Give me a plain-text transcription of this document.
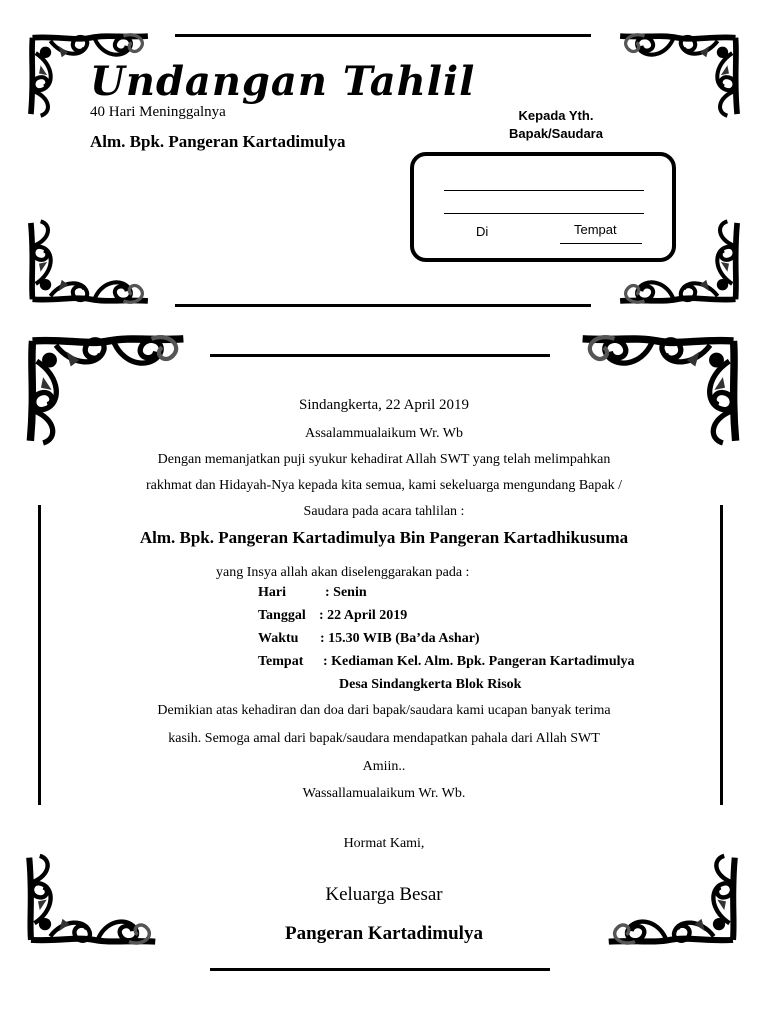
Undangan Tahlil
40 Hari Meninggalnya
Alm. Bpk. Pangeran Kartadimulya
Kepada Yth.
Bapak/Saudara
Di	Tempat
Sindangkerta, 22 April 2019
Assalammualaikum Wr. Wb
Dengan memanjatkan puji syukur kehadirat Allah SWT yang telah melimpahkan
rakhmat dan Hidayah-Nya kepada kita semua, kami sekeluarga mengundang Bapak /
Saudara pada acara tahlilan :
Alm. Bpk. Pangeran Kartadimulya Bin Pangeran Kartadhikusuma
yang Insya allah akan diselenggarakan pada :
Hari	: Senin
Tanggal : 22 April 2019
Waktu : 15.30 WIB (Ba’da Ashar)
Tempat : Kediaman Kel. Alm. Bpk. Pangeran Kartadimulya
Desa Sindangkerta Blok Risok
Demikian atas kehadiran dan doa dari bapak/saudara kami ucapan banyak terima
kasih. Semoga amal dari bapak/saudara mendapatkan pahala dari Allah SWT
Amiin..
Wassallamualaikum Wr. Wb.
Hormat Kami,
Keluarga Besar
Pangeran Kartadimulya
